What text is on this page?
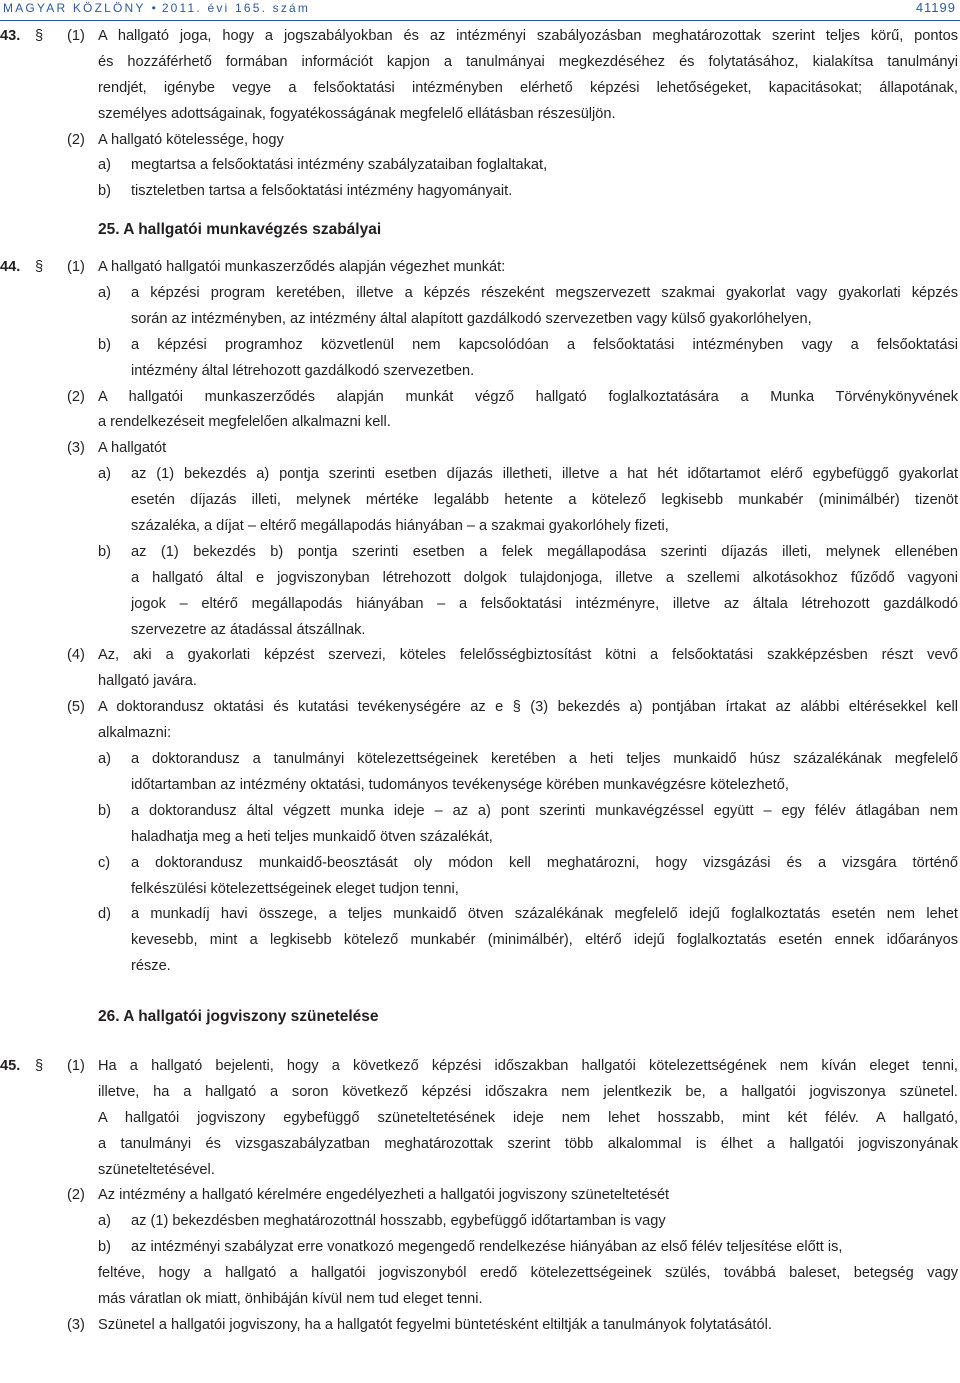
MAGYAR KÖZLÖNY • 2011. évi 165. szám	41199
43. § (1) A hallgató joga, hogy a jogszabályokban és az intézményi szabályozásban meghatározottak szerint teljes körű, pontos
és hozzáférhető formában információt kapjon a tanulmányai megkezdéséhez és folytatásához, kialakítsa tanulmányi
rendjét, igénybe vegye a felsőoktatási intézményben elérhető képzési lehetőségeket, kapacitásokat; állapotának,
személyes adottságainak, fogyatékosságának megfelelő ellátásban részesüljön.
(2) A hallgató kötelessége, hogy
a) megtartsa a felsőoktatási intézmény szabályzataiban foglaltakat,
b) tiszteletben tartsa a felsőoktatási intézmény hagyományait.
25. A hallgatói munkavégzés szabályai
44. § (1) A hallgató hallgatói munkaszerződés alapján végezhet munkát:
a) a képzési program keretében, illetve a képzés részeként megszervezett szakmai gyakorlat vagy gyakorlati képzés
során az intézményben, az intézmény által alapított gazdálkodó szervezetben vagy külső gyakorlóhelyen,
b) a képzési programhoz közvetlenül nem kapcsolódóan a felsőoktatási intézményben vagy a felsőoktatási
intézmény által létrehozott gazdálkodó szervezetben.
(2) A hallgatói munkaszerződés alapján munkát végző hallgató foglalkoztatására a Munka Törvénykönyvének
a rendelkezéseit megfelelően alkalmazni kell.
(3) A hallgatót
a) az (1) bekezdés a) pontja szerinti esetben díjazás illetheti, illetve a hat hét időtartamot elérő egybefüggő gyakorlat
esetén díjazás illeti, melynek mértéke legalább hetente a kötelező legkisebb munkabér (minimálbér) tizenöt
százaléka, a díjat – eltérő megállapodás hiányában – a szakmai gyakorlóhely fizeti,
b) az (1) bekezdés b) pontja szerinti esetben a felek megállapodása szerinti díjazás illeti, melynek ellenében
a hallgató által e jogviszonyban létrehozott dolgok tulajdonjoga, illetve a szellemi alkotásokhoz fűződő vagyoni
jogok – eltérő megállapodás hiányában – a felsőoktatási intézményre, illetve az általa létrehozott gazdálkodó
szervezetre az átadással átszállnak.
(4) Az, aki a gyakorlati képzést szervezi, köteles felelősségbiztosítást kötni a felsőoktatási szakképzésben részt vevő
hallgató javára.
(5) A doktorandusz oktatási és kutatási tevékenységére az e § (3) bekezdés a) pontjában írtakat az alábbi eltérésekkel kell
alkalmazni:
a) a doktorandusz a tanulmányi kötelezettségeinek keretében a heti teljes munkaidő húsz százalékának megfelelő
időtartamban az intézmény oktatási, tudományos tevékenysége körében munkavégzésre kötelezhető,
b) a doktorandusz által végzett munka ideje – az a) pont szerinti munkavégzéssel együtt – egy félév átlagában nem
haladhatja meg a heti teljes munkaidő ötven százalékát,
c) a doktorandusz munkaidő-beosztását oly módon kell meghatározni, hogy vizsgázási és a vizsgára történő
felkészülési kötelezettségeinek eleget tudjon tenni,
d) a munkadíj havi összege, a teljes munkaidő ötven százalékának megfelelő idejű foglalkoztatás esetén nem lehet
kevesebb, mint a legkisebb kötelező munkabér (minimálbér), eltérő idejű foglalkoztatás esetén ennek időarányos
része.
26. A hallgatói jogviszony szünetelése
45. § (1) Ha a hallgató bejelenti, hogy a következő képzési időszakban hallgatói kötelezettségének nem kíván eleget tenni,
illetve, ha a hallgató a soron következő képzési időszakra nem jelentkezik be, a hallgatói jogviszonya szünetel.
A hallgatói jogviszony egybefüggő szüneteltetésének ideje nem lehet hosszabb, mint két félév. A hallgató,
a tanulmányi és vizsgaszabályzatban meghatározottak szerint több alkalommal is élhet a hallgatói jogviszonyának
szüneteltetésével.
(2) Az intézmény a hallgató kérelmére engedélyezheti a hallgatói jogviszony szüneteltetését
a) az (1) bekezdésben meghatározottnál hosszabb, egybefüggő időtartamban is vagy
b) az intézményi szabályzat erre vonatkozó megengedő rendelkezése hiányában az első félév teljesítése előtt is,
feltéve, hogy a hallgató a hallgatói jogviszonyból eredő kötelezettségeinek szülés, továbbá baleset, betegség vagy
más váratlan ok miatt, önhibáján kívül nem tud eleget tenni.
(3) Szünetel a hallgatói jogviszony, ha a hallgatót fegyelmi büntetésként eltiltják a tanulmányok folytatásától.
